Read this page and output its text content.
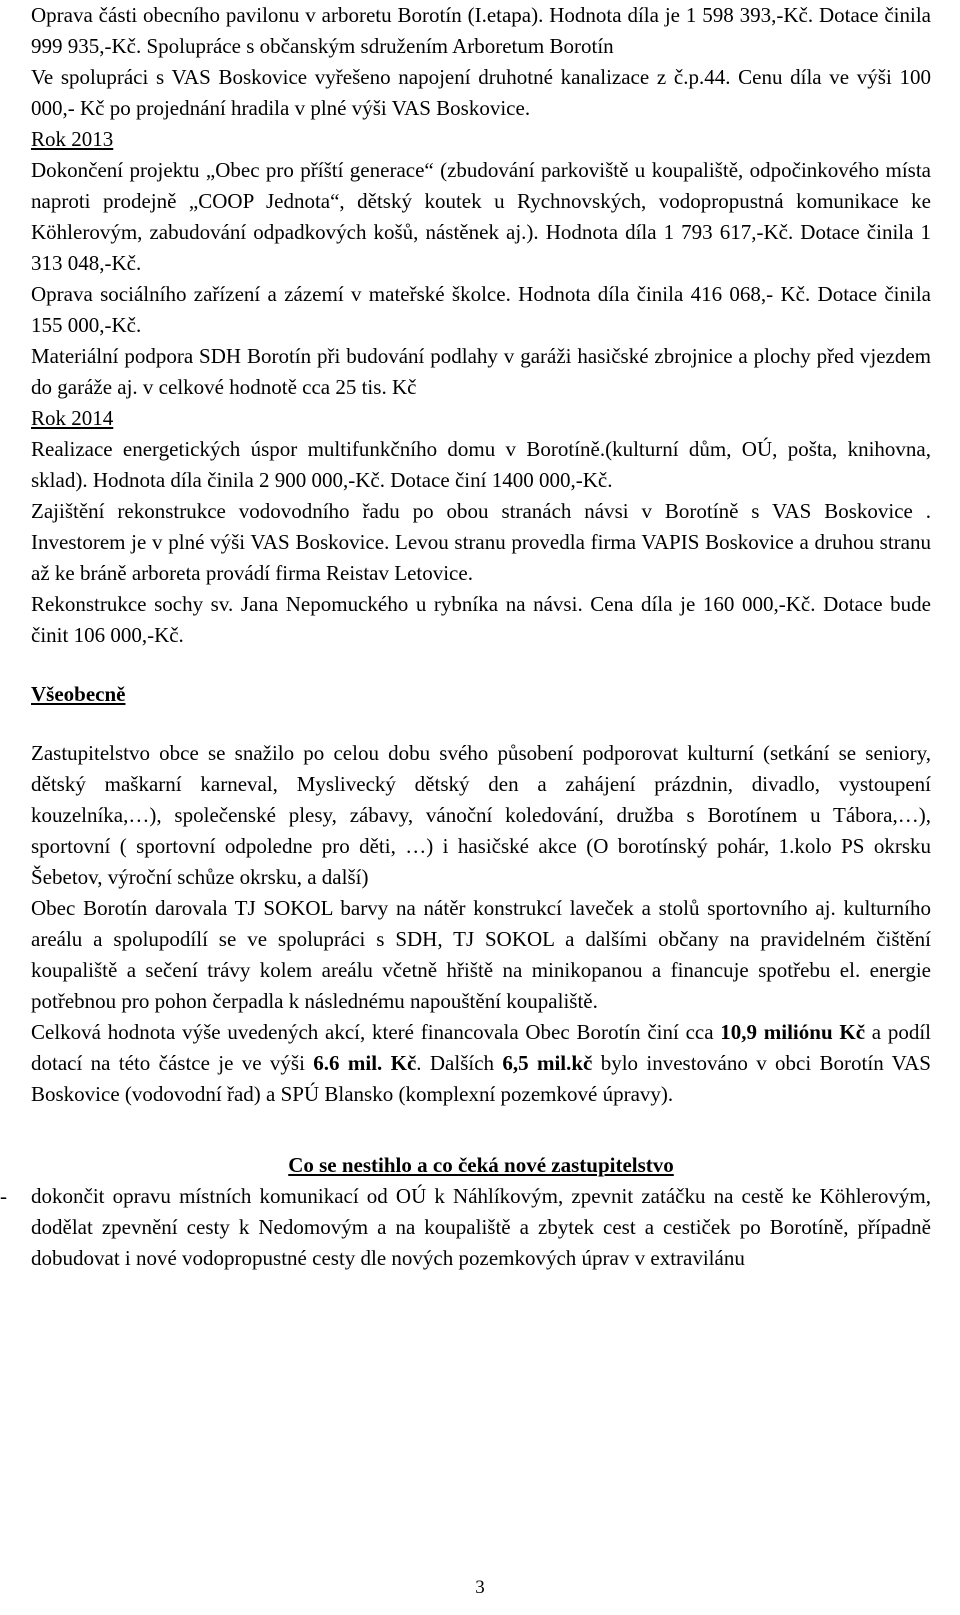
Oprava části obecního pavilonu v arboretu Borotín (I.etapa). Hodnota díla je 1 598 393,-Kč. Dotace činila 999 935,-Kč. Spolupráce s občanským sdružením Arboretum Borotín

Ve spolupráci s VAS Boskovice vyřešeno napojení druhotné kanalizace z č.p.44. Cenu díla ve výši 100 000,- Kč po projednání hradila v plné výši VAS Boskovice.

Rok 2013

Dokončení projektu „Obec pro příští generace“ (zbudování parkoviště u koupaliště, odpočinkového místa naproti prodejně „COOP Jednota“, dětský koutek u Rychnovských, vodopropustná komunikace ke Köhlerovým, zabudování odpadkových košů, nástěnek aj.). Hodnota díla 1 793 617,-Kč. Dotace činila 1 313 048,-Kč.

Oprava sociálního zařízení a zázemí v mateřské školce. Hodnota díla činila 416 068,- Kč. Dotace činila 155 000,-Kč.

Materiální podpora SDH Borotín při budování podlahy v garáži hasičské zbrojnice a plochy před vjezdem do garáže aj. v celkové hodnotě cca 25 tis. Kč

Rok 2014

Realizace energetických úspor multifunkčního domu v Borotíně.(kulturní dům, OÚ, pošta, knihovna, sklad). Hodnota díla činila 2 900 000,-Kč. Dotace činí 1400 000,-Kč.

Zajištění rekonstrukce vodovodního řadu po obou stranách návsi v Borotíně s VAS Boskovice . Investorem je v plné výši VAS Boskovice. Levou stranu provedla firma VAPIS Boskovice a druhou stranu až ke bráně arboreta provádí firma Reistav Letovice.

Rekonstrukce sochy sv. Jana Nepomuckého u rybníka na návsi. Cena díla je 160 000,-Kč. Dotace bude činit 106 000,-Kč.

Všeobecně

Zastupitelstvo obce se snažilo po celou dobu svého působení podporovat kulturní (setkání se seniory, dětský maškarní karneval, Myslivecký dětský den a zahájení prázdnin, divadlo, vystoupení kouzelníka,…), společenské plesy, zábavy, vánoční koledování, družba s Borotínem u Tábora,…), sportovní ( sportovní odpoledne pro děti, …) i hasičské akce (O borotínský pohár, 1.kolo PS okrsku Šebetov, výroční schůze okrsku, a další)

Obec Borotín darovala TJ SOKOL barvy na nátěr konstrukcí laveček a stolů sportovního aj. kulturního areálu a spolupodílí se ve spolupráci s SDH, TJ SOKOL a dalšími občany na pravidelném čištění koupaliště a sečení trávy kolem areálu včetně hřiště na minikopanou a financuje spotřebu el. energie potřebnou pro pohon čerpadla k následnému napouštění koupaliště.

Celková hodnota výše uvedených akcí, které financovala Obec Borotín činí cca 10,9 miliónu Kč a podíl dotací na této částce je ve výši 6.6 mil. Kč. Dalších 6,5 mil.kč bylo investováno v obci Borotín VAS Boskovice (vodovodní řad) a SPÚ Blansko (komplexní pozemkové úpravy).

Co se nestihlo a co čeká nové zastupitelstvo

- dokončit opravu místních komunikací od OÚ k Náhlíkovým, zpevnit zatáčku na cestě ke Köhlerovým, dodělat zpevnění cesty k Nedomovým a na koupaliště a zbytek cest a cestiček po Borotíně, případně dobudovat i nové vodopropustné cesty dle nových pozemkových úprav v extravilánu

3
